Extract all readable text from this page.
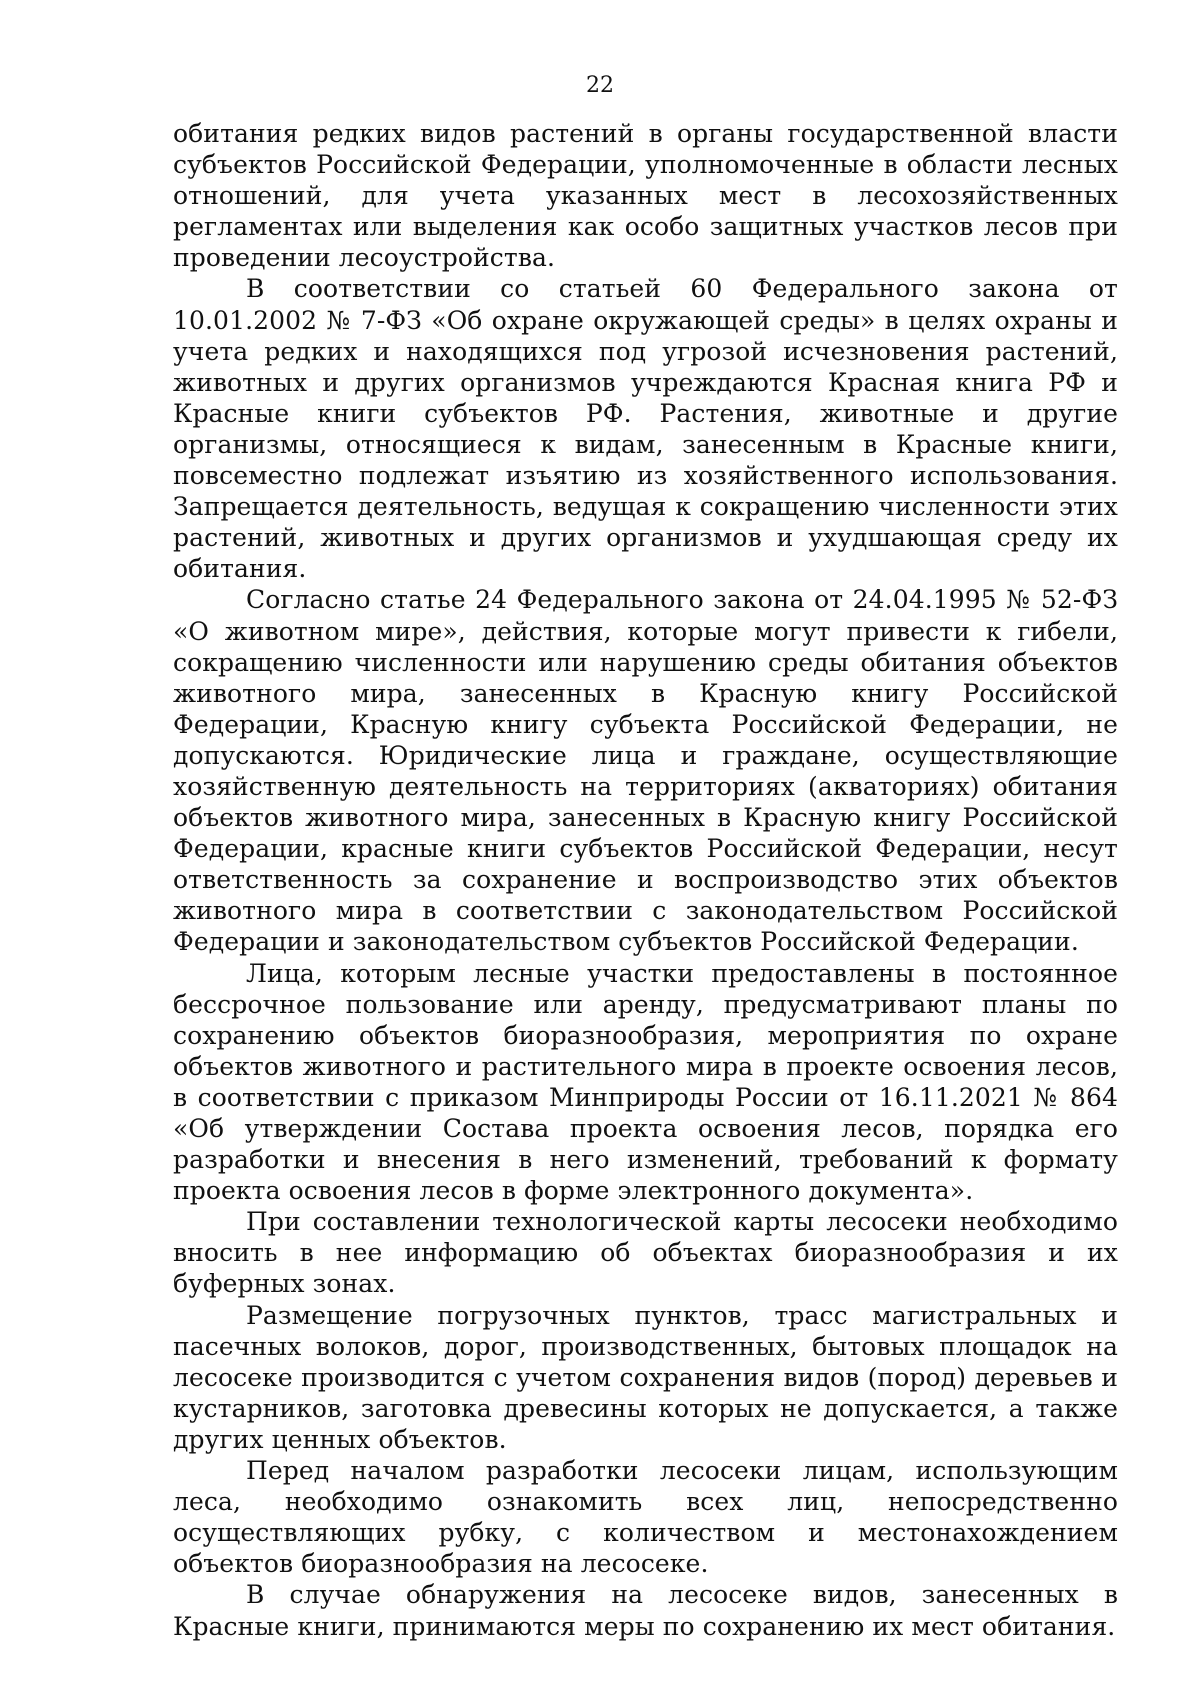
22

обитания редких видов растений в органы государственной власти субъектов Российской Федерации, уполномоченные в области лесных отношений, для учета указанных мест в лесохозяйственных регламентах или выделения как особо защитных участков лесов при проведении лесоустройства.

В соответствии со статьей 60 Федерального закона от 10.01.2002 № 7-ФЗ «Об охране окружающей среды» в целях охраны и учета редких и находящихся под угрозой исчезновения растений, животных и других организмов учреждаются Красная книга РФ и Красные книги субъектов РФ. Растения, животные и другие организмы, относящиеся к видам, занесенным в Красные книги, повсеместно подлежат изъятию из хозяйственного использования. Запрещается деятельность, ведущая к сокращению численности этих растений, животных и других организмов и ухудшающая среду их обитания.

Согласно статье 24 Федерального закона от 24.04.1995 № 52-ФЗ «О животном мире», действия, которые могут привести к гибели, сокращению численности или нарушению среды обитания объектов животного мира, занесенных в Красную книгу Российской Федерации, Красную книгу субъекта Российской Федерации, не допускаются. Юридические лица и граждане, осуществляющие хозяйственную деятельность на территориях (акваториях) обитания объектов животного мира, занесенных в Красную книгу Российской Федерации, красные книги субъектов Российской Федерации, несут ответственность за сохранение и воспроизводство этих объектов животного мира в соответствии с законодательством Российской Федерации и законодательством субъектов Российской Федерации.

Лица, которым лесные участки предоставлены в постоянное бессрочное пользование или аренду, предусматривают планы по сохранению объектов биоразнообразия, мероприятия по охране объектов животного и растительного мира в проекте освоения лесов, в соответствии с приказом Минприроды России от 16.11.2021 № 864 «Об утверждении Состава проекта освоения лесов, порядка его разработки и внесения в него изменений, требований к формату проекта освоения лесов в форме электронного документа».

При составлении технологической карты лесосеки необходимо вносить в нее информацию об объектах биоразнообразия и их буферных зонах.

Размещение погрузочных пунктов, трасс магистральных и пасечных волоков, дорог, производственных, бытовых площадок на лесосеке производится с учетом сохранения видов (пород) деревьев и кустарников, заготовка древесины которых не допускается, а также других ценных объектов.

Перед началом разработки лесосеки лицам, использующим леса, необходимо ознакомить всех лиц, непосредственно осуществляющих рубку, с количеством и местонахождением объектов биоразнообразия на лесосеке.

В случае обнаружения на лесосеке видов, занесенных в Красные книги, принимаются меры по сохранению их мест обитания.
